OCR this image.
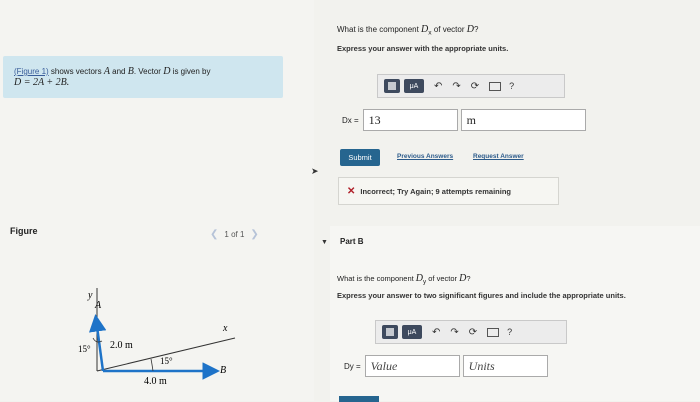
(Figure 1) shows vectors A and B. Vector D is given by
D = 2A + 2B.
Figure	❮ 1 of 1 ❯
y
A
15° 2.0 m
15°
4.0 m
x
B
➤
What is the component $D_x$ of vector D?
Express your answer with the appropriate units.
μA	↶ ↷ ⟳	?
Dx = 13	m
Submit	Previous Answers	Request Answer
✕ Incorrect; Try Again; 9 attempts remaining
▼ Part B
What is the component $D_y$ of vector D?
Express your answer to two significant figures and include the appropriate units.
μA	↶ ↷ ⟳	?
Dy = Value	Units
